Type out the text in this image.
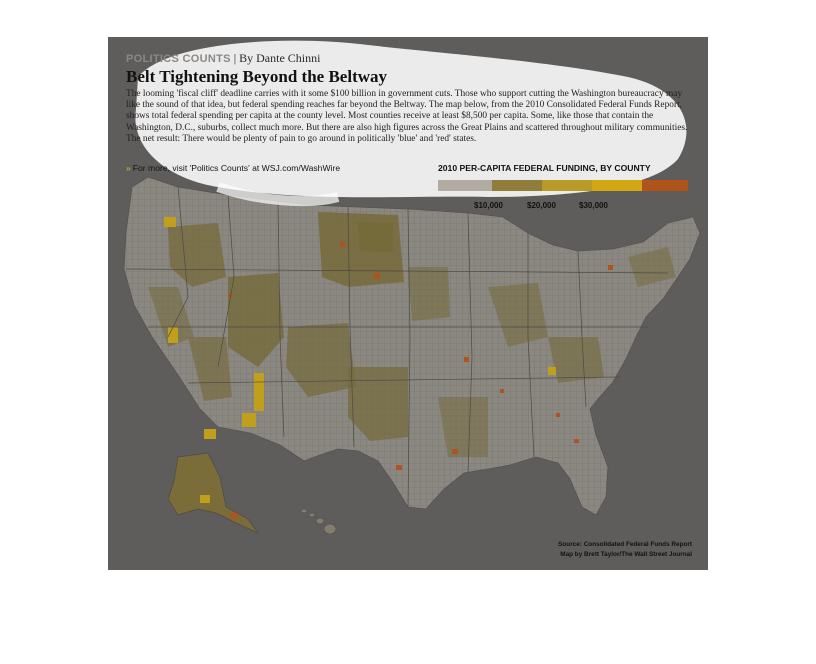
POLITICS COUNTS | By Dante Chinni
Belt Tightening Beyond the Beltway
The looming 'fiscal cliff' deadline carries with it some $100 billion in government cuts. Those who support cutting the Washington bureaucracy may like the sound of that idea, but federal spending reaches far beyond the Beltway. The map below, from the 2010 Consolidated Federal Funds Report, shows total federal spending per capita at the county level. Most counties receive at least $8,500 per capita. Some, like those that contain the Washington, D.C., suburbs, collect much more. But there are also high figures across the Great Plains and scattered throughout military communities. The net result: There would be plenty of pain to go around in politically 'blue' and 'red' states.
» For more, visit 'Politics Counts' at WSJ.com/WashWire	2010 PER-CAPITA FEDERAL FUNDING, BY COUNTY
$10,000	$20,000	$30,000
Source: Consolidated Federal Funds Report
Map by Brett Taylor/The Wall Street Journal
